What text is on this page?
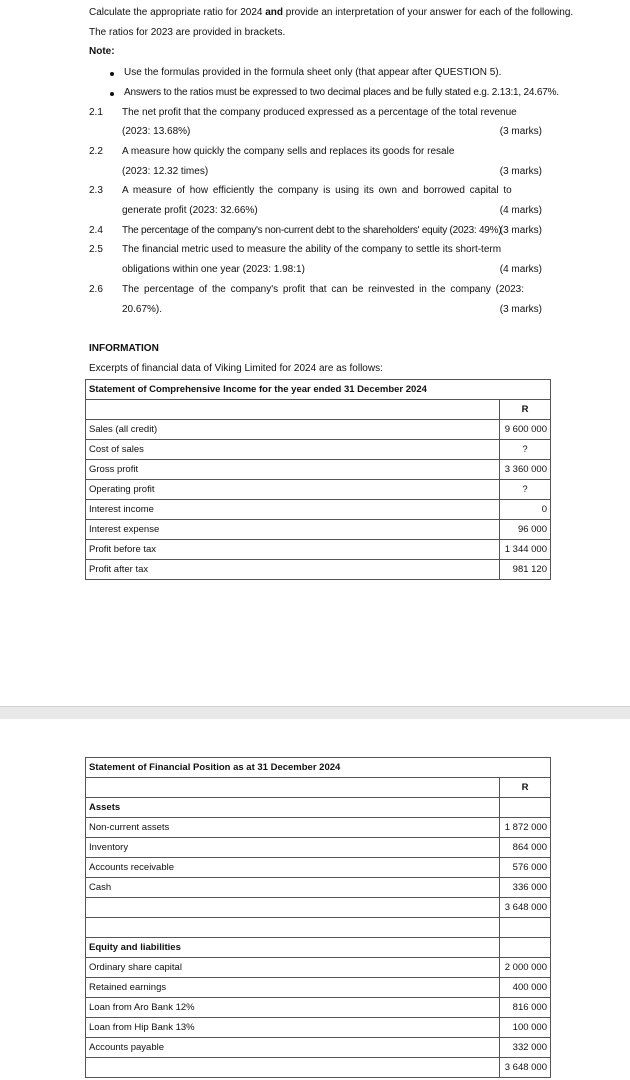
Calculate the appropriate ratio for 2024 and provide an interpretation of your answer for each of the following.
The ratios for 2023 are provided in brackets.
Note:
Use the formulas provided in the formula sheet only (that appear after QUESTION 5).
Answers to the ratios must be expressed to two decimal places and be fully stated e.g. 2.13:1, 24.67%.
2.1 The net profit that the company produced expressed as a percentage of the total revenue
(2023: 13.68%)	(3 marks)
2.2 A measure how quickly the company sells and replaces its goods for resale
(2023: 12.32 times)	(3 marks)
2.3 A measure of how efficiently the company is using its own and borrowed capital to
generate profit (2023: 32.66%)	(4 marks)
2.4 The percentage of the company's non-current debt to the shareholders' equity (2023: 49%)
(3 marks)
2.5 The financial metric used to measure the ability of the company to settle its short-term
obligations within one year (2023: 1.98:1)	(4 marks)
2.6 The percentage of the company's profit that can be reinvested in the company (2023:
20.67%).	(3 marks)
INFORMATION
Excerpts of financial data of Viking Limited for 2024 are as follows:
Statement of Comprehensive Income for the year ended 31 December 2024	
	R
Sales (all credit)	9 600 000
Cost of sales	?
Gross profit	3 360 000
Operating profit	?
Interest income	0
Interest expense	96 000
Profit before tax	1 344 000
Profit after tax	981 120
Statement of Financial Position as at 31 December 2024	
	R
Assets	
Non-current assets	1 872 000
Inventory	864 000
Accounts receivable	576 000
Cash	336 000
	3 648 000

Equity and liabilities	
Ordinary share capital	2 000 000
Retained earnings	400 000
Loan from Aro Bank 12%	816 000
Loan from Hip Bank 13%	100 000
Accounts payable	332 000
	3 648 000
